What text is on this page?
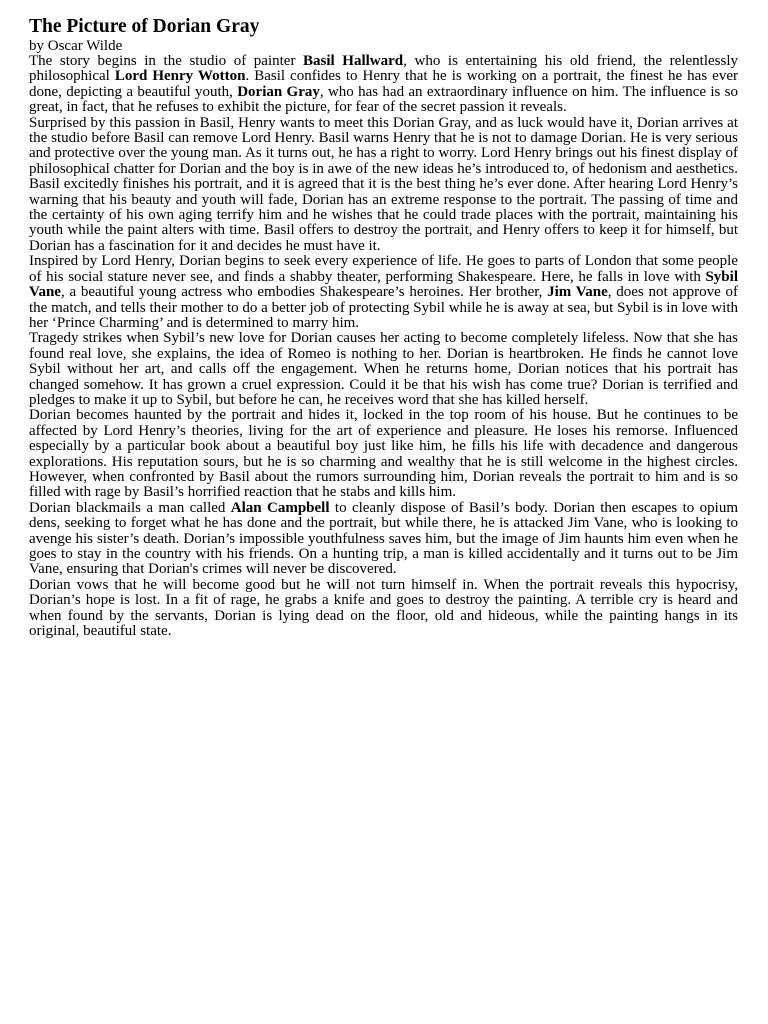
The Picture of Dorian Gray
by Oscar Wilde

The story begins in the studio of painter Basil Hallward, who is entertaining his old friend, the relentlessly philosophical Lord Henry Wotton. Basil confides to Henry that he is working on a portrait, the finest he has ever done, depicting a beautiful youth, Dorian Gray, who has had an extraordinary influence on him. The influence is so great, in fact, that he refuses to exhibit the picture, for fear of the secret passion it reveals.

Surprised by this passion in Basil, Henry wants to meet this Dorian Gray, and as luck would have it, Dorian arrives at the studio before Basil can remove Lord Henry. Basil warns Henry that he is not to damage Dorian. He is very serious and protective over the young man. As it turns out, he has a right to worry. Lord Henry brings out his finest display of philosophical chatter for Dorian and the boy is in awe of the new ideas he’s introduced to, of hedonism and aesthetics.

Basil excitedly finishes his portrait, and it is agreed that it is the best thing he’s ever done. After hearing Lord Henry’s warning that his beauty and youth will fade, Dorian has an extreme response to the portrait. The passing of time and the certainty of his own aging terrify him and he wishes that he could trade places with the portrait, maintaining his youth while the paint alters with time. Basil offers to destroy the portrait, and Henry offers to keep it for himself, but Dorian has a fascination for it and decides he must have it.

Inspired by Lord Henry, Dorian begins to seek every experience of life. He goes to parts of London that some people of his social stature never see, and finds a shabby theater, performing Shakespeare. Here, he falls in love with Sybil Vane, a beautiful young actress who embodies Shakespeare’s heroines. Her brother, Jim Vane, does not approve of the match, and tells their mother to do a better job of protecting Sybil while he is away at sea, but Sybil is in love with her ‘Prince Charming’ and is determined to marry him.

Tragedy strikes when Sybil’s new love for Dorian causes her acting to become completely lifeless. Now that she has found real love, she explains, the idea of Romeo is nothing to her. Dorian is heartbroken. He finds he cannot love Sybil without her art, and calls off the engagement. When he returns home, Dorian notices that his portrait has changed somehow. It has grown a cruel expression. Could it be that his wish has come true? Dorian is terrified and pledges to make it up to Sybil, but before he can, he receives word that she has killed herself.

Dorian becomes haunted by the portrait and hides it, locked in the top room of his house. But he continues to be affected by Lord Henry’s theories, living for the art of experience and pleasure. He loses his remorse. Influenced especially by a particular book about a beautiful boy just like him, he fills his life with decadence and dangerous explorations. His reputation sours, but he is so charming and wealthy that he is still welcome in the highest circles. However, when confronted by Basil about the rumors surrounding him, Dorian reveals the portrait to him and is so filled with rage by Basil’s horrified reaction that he stabs and kills him.

Dorian blackmails a man called Alan Campbell to cleanly dispose of Basil’s body. Dorian then escapes to opium dens, seeking to forget what he has done and the portrait, but while there, he is attacked Jim Vane, who is looking to avenge his sister’s death. Dorian’s impossible youthfulness saves him, but the image of Jim haunts him even when he goes to stay in the country with his friends. On a hunting trip, a man is killed accidentally and it turns out to be Jim Vane, ensuring that Dorian's crimes will never be discovered.

Dorian vows that he will become good but he will not turn himself in. When the portrait reveals this hypocrisy, Dorian’s hope is lost. In a fit of rage, he grabs a knife and goes to destroy the painting. A terrible cry is heard and when found by the servants, Dorian is lying dead on the floor, old and hideous, while the painting hangs in its original, beautiful state.
